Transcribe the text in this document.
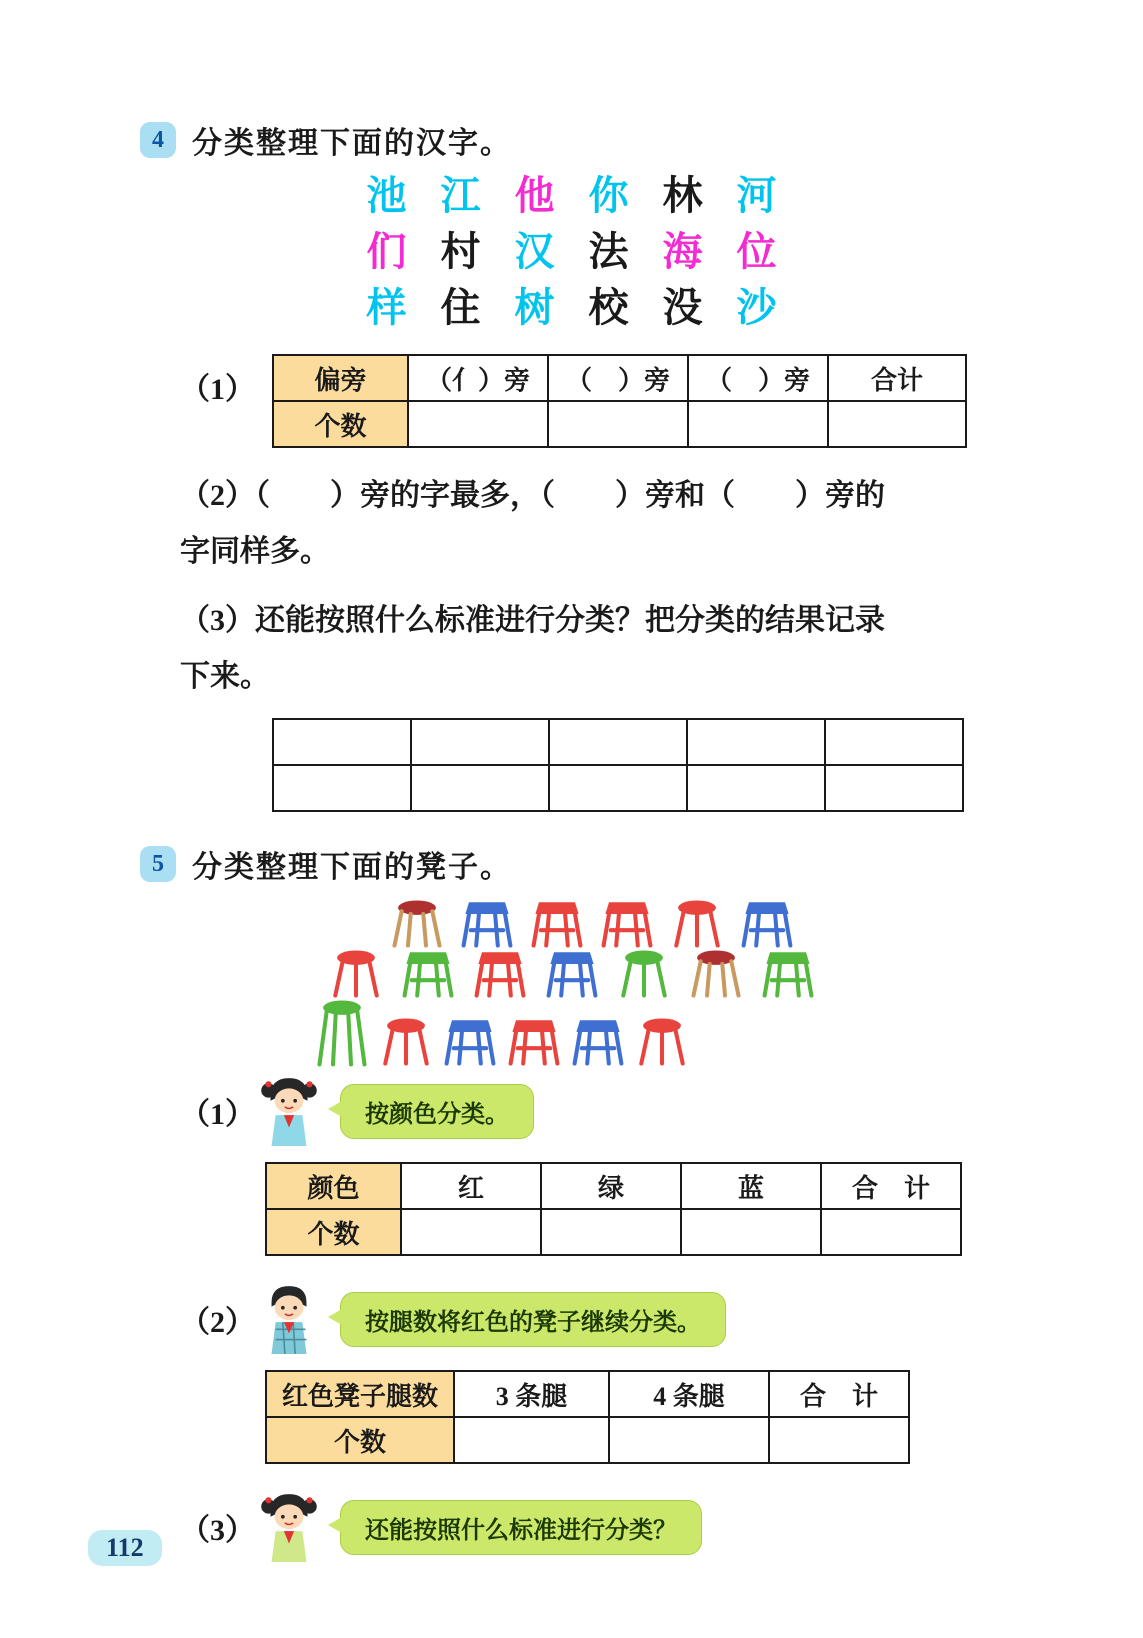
4 分类整理下面的汉字。
池 江 他 你 林 河
们 村 汉 法 海 位
样 住 树 校 没 沙
（1）	偏旁	（亻）旁	（　）旁	（　）旁	合计
个数				
（2）（　　）旁的字最多，（　　）旁和（　　）旁的
字同样多。
（3）还能按照什么标准进行分类？把分类的结果记录
下来。

5 分类整理下面的凳子。
（1）	按颜色分类。
颜色	红	绿	蓝	合　计
个数				
（2）	按腿数将红色的凳子继续分类。
红色凳子腿数	3 条腿	4 条腿	合　计
个数			
（3）	还能按照什么标准进行分类？
112
